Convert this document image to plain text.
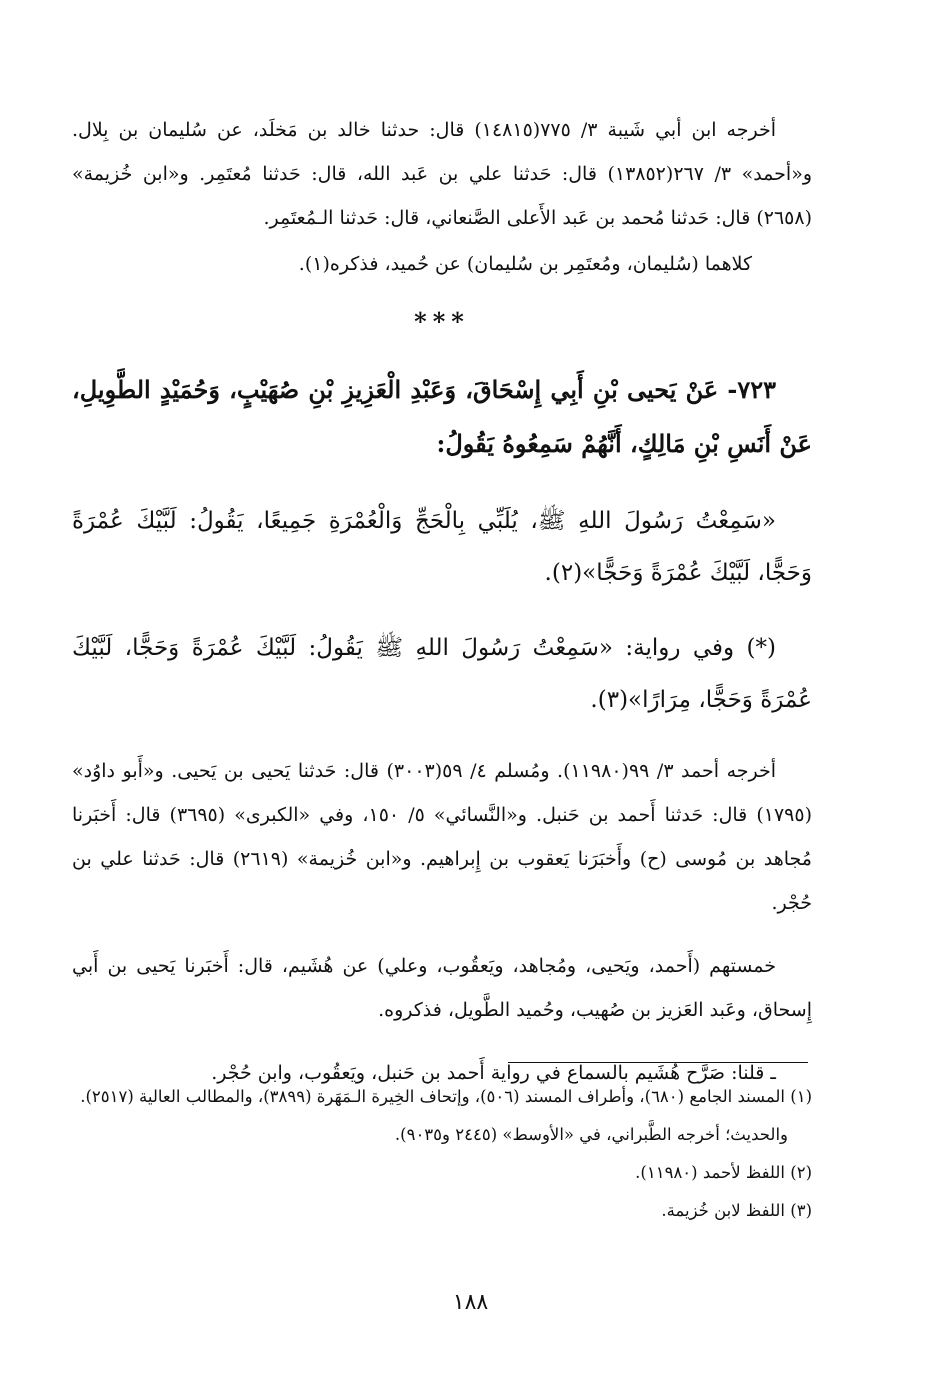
أخرجه ابن أبي شَيبة ٣/ ٧٧٥(١٤٨١٥) قال: حدثنا خالد بن مَخلَد، عن سُليمان بن بِلال. و«أحمد» ٣/ ٢٦٧(١٣٨٥٢) قال: حَدثنا علي بن عَبد الله، قال: حَدثنا مُعتَمِر. و«ابن خُزيمة» (٢٦٥٨) قال: حَدثنا مُحمد بن عَبد الأَعلى الصَّنعاني، قال: حَدثنا الـمُعتَمِر.

كلاهما (سُليمان، ومُعتَمِر بن سُليمان) عن حُميد، فذكره(١).

***

٧٢٣- عَنْ يَحيى بْنِ أَبِي إِسْحَاقَ، وَعَبْدِ الْعَزِيزِ بْنِ صُهَيْبٍ، وَحُمَيْدٍ الطَّوِيلِ، عَنْ أَنَسِ بْنِ مَالِكٍ، أَنَّهُمْ سَمِعُوهُ يَقُولُ:

«سَمِعْتُ رَسُولَ اللهِ ﷺ، يُلَبِّي بِالْحَجِّ وَالْعُمْرَةِ جَمِيعًا، يَقُولُ: لَبَّيْكَ عُمْرَةً وَحَجًّا، لَبَّيْكَ عُمْرَةً وَحَجًّا»(٢).

(*) وفي رواية: «سَمِعْتُ رَسُولَ اللهِ ﷺ يَقُولُ: لَبَّيْكَ عُمْرَةً وَحَجًّا، لَبَّيْكَ عُمْرَةً وَحَجًّا، مِرَارًا»(٣).

أخرجه أحمد ٣/ ٩٩(١١٩٨٠). ومُسلم ٤/ ٥٩(٣٠٠٣) قال: حَدثنا يَحيى بن يَحيى. و«أَبو داوُد» (١٧٩٥) قال: حَدثنا أَحمد بن حَنبل. و«النَّسائي» ٥/ ١٥٠، وفي «الكبرى» (٣٦٩٥) قال: أَخبَرنا مُجاهد بن مُوسى (ح) وأَخبَرَنا يَعقوب بن إِبراهيم. و«ابن خُزيمة» (٢٦١٩) قال: حَدثنا علي بن حُجْر.

خمستهم (أَحمد، ويَحيى، ومُجاهد، ويَعقُوب، وعلي) عن هُشَيم، قال: أَخبَرنا يَحيى بن أَبي إِسحاق، وعَبد العَزيز بن صُهيب، وحُميد الطَّويل، فذكروه.

ـ قلنا: صَرَّح هُشَيم بالسماع في رواية أَحمد بن حَنبل، ويَعقُوب، وابن حُجْر.

(١) المسند الجامع (٦٨٠)، وأطراف المسند (٥٠٦)، وإتحاف الخِيرة الـمَهَرة (٣٨٩٩)، والمطالب العالية (٢٥١٧).

والحديث؛ أخرجه الطَّبراني، في «الأوسط» (٢٤٤٥ و٩٠٣٥).

(٢) اللفظ لأحمد (١١٩٨٠).

(٣) اللفظ لابن خُزيمة.

١٨٨
